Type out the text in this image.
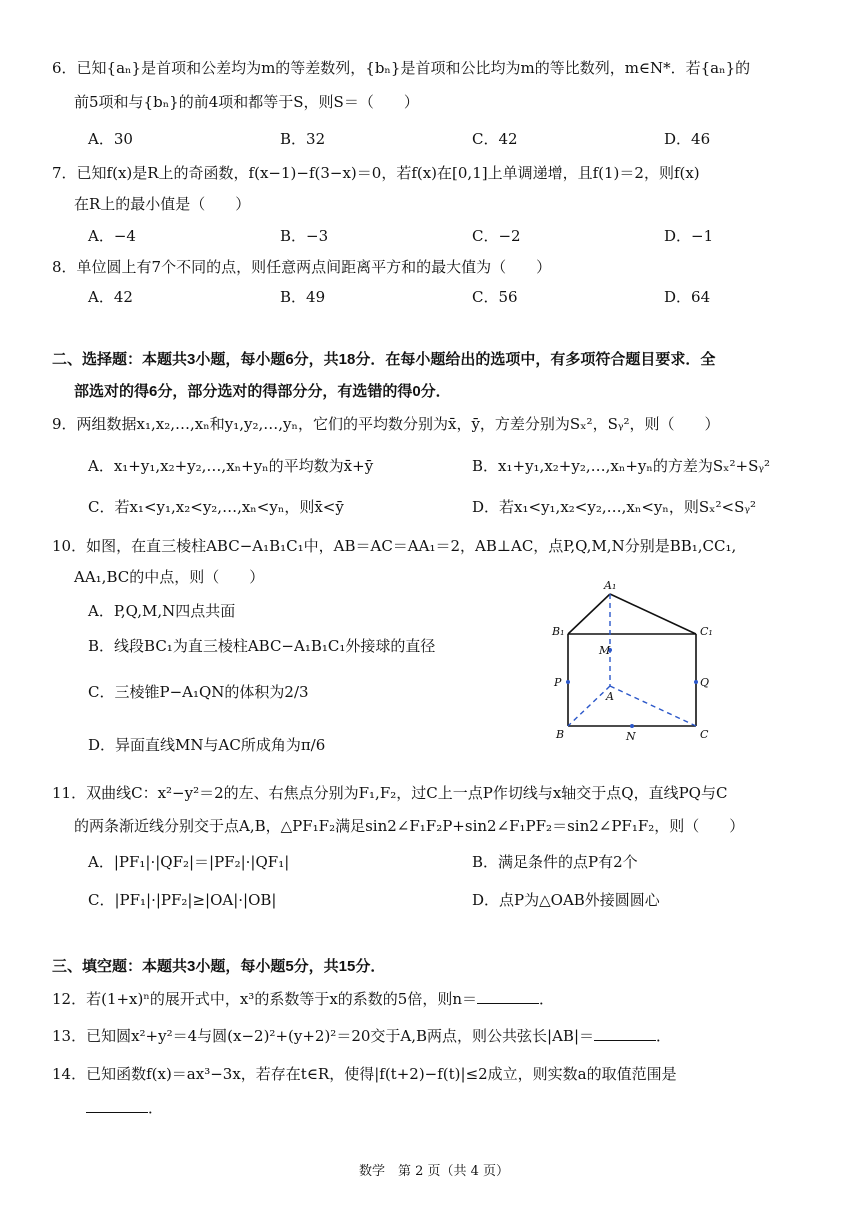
6．已知{aₙ}是首项和公差均为m的等差数列，{bₙ}是首项和公比均为m的等比数列，m∈N*．若{aₙ}的
前5项和与{bₙ}的前4项和都等于S，则S＝（　　）
A．30	B．32	C．42	D．46
7．已知f(x)是R上的奇函数，f(x−1)−f(3−x)＝0，若f(x)在[0,1]上单调递增，且f(1)＝2，则f(x)
在R上的最小值是（　　）
A．−4	B．−3	C．−2	D．−1
8．单位圆上有7个不同的点，则任意两点间距离平方和的最大值为（　　）
A．42	B．49	C．56	D．64
二、选择题：本题共3小题，每小题6分，共18分．在每小题给出的选项中，有多项符合题目要求．全
部选对的得6分，部分选对的得部分分，有选错的得0分．
9．两组数据x₁,x₂,…,xₙ和y₁,y₂,…,yₙ，它们的平均数分别为x̄，ȳ，方差分别为Sₓ²，Sᵧ²，则（　　）
A．x₁+y₁,x₂+y₂,…,xₙ+yₙ的平均数为x̄+ȳ	B．x₁+y₁,x₂+y₂,…,xₙ+yₙ的方差为Sₓ²+Sᵧ²
C．若x₁<y₁,x₂<y₂,…,xₙ<yₙ，则x̄<ȳ	D．若x₁<y₁,x₂<y₂,…,xₙ<yₙ，则Sₓ²<Sᵧ²
10．如图，在直三棱柱ABC−A₁B₁C₁中，AB＝AC＝AA₁＝2，AB⊥AC，点P,Q,M,N分别是BB₁,CC₁,
AA₁,BC的中点，则（　　）
A．P,Q,M,N四点共面
B．线段BC₁为直三棱柱ABC−A₁B₁C₁外接球的直径
C．三棱锥P−A₁QN的体积为2/3
D．异面直线MN与AC所成角为π/6
A₁
B₁	C₁
M
P	Q
A
B	N	C
11．双曲线C：x²−y²＝2的左、右焦点分别为F₁,F₂，过C上一点P作切线与x轴交于点Q，直线PQ与C
的两条渐近线分别交于点A,B，△PF₁F₂满足sin2∠F₁F₂P+sin2∠F₁PF₂＝sin2∠PF₁F₂，则（　　）
A．|PF₁|·|QF₂|＝|PF₂|·|QF₁|	B．满足条件的点P有2个
C．|PF₁|·|PF₂|≥|OA|·|OB|	D．点P为△OAB外接圆圆心
三、填空题：本题共3小题，每小题5分，共15分．
12．若(1+x)ⁿ的展开式中，x³的系数等于x的系数的5倍，则n＝	．
13．已知圆x²+y²＝4与圆(x−2)²+(y+2)²＝20交于A,B两点，则公共弦长|AB|＝	．
14．已知函数f(x)＝ax³−3x，若存在t∈R，使得|f(t+2)−f(t)|≤2成立，则实数a的取值范围是
．
数学　第 2 页（共 4 页）
